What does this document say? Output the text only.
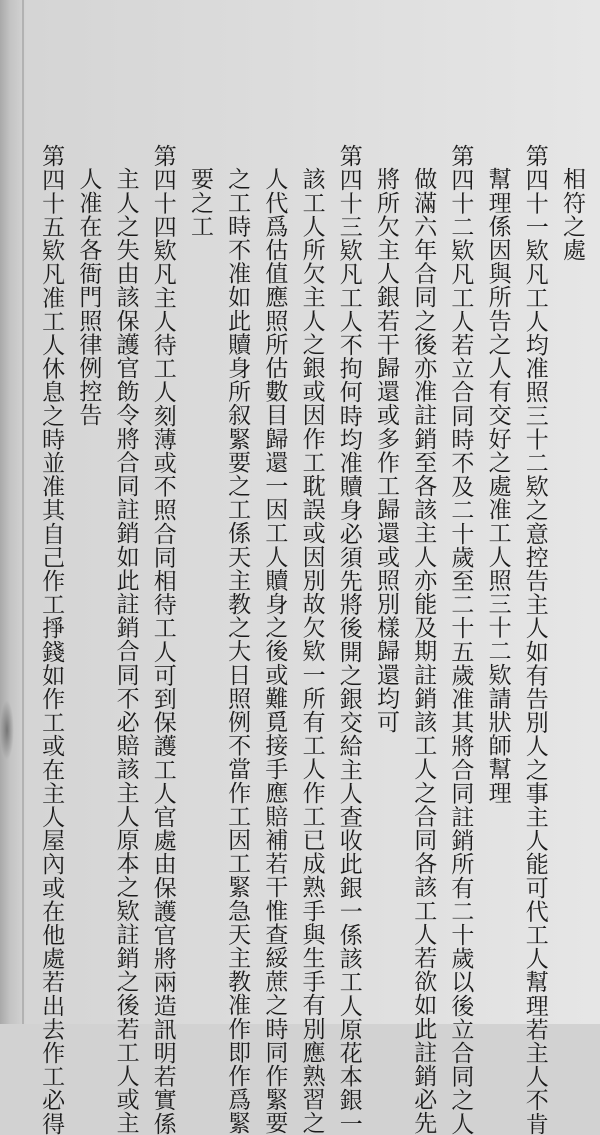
相符之處
第四十一欵凡工人均准照三十二欵之意控告主人如有告別人之事主人能可代工人幫理若主人不肯
幫理係因與所告之人有交好之處准工人照三十二欵請狀師幫理
第四十二欵凡工人若立合同時不及二十歲至二十五歲准其將合同註銷所有二十歲以後立合同之人
做滿六年合同之後亦准註銷至各該主人亦能及期註銷該工人之合同各該工人若欲如此註銷必先
將所欠主人銀若干歸還或多作工歸還或照別樣歸還均可
第四十三欵凡工人不拘何時均准贖身必須先將後開之銀交給主人查收此銀一係該工人原花本銀一
該工人所欠主人之銀或因作工耽誤或因別故欠欵一所有工人作工已成熟手與生手有別應熟習之
人代爲估值應照所估數目歸還一因工人贖身之後或難覓接手應賠補若干惟查綏蔗之時同作緊要
之工時不准如此贖身所叙緊要之工係天主教之大日照例不當作工因工緊急天主教准作即作爲緊
要之工
第四十四欵凡主人待工人刻薄或不照合同相待工人可到保護工人官處由保護官將兩造訊明若實係
主人之失由該保護官飭令將合同註銷如此註銷合同不必賠該主人原本之欵註銷之後若工人或主
人准在各衙門照律例控告
第四十五欵凡准工人休息之時並准其自己作工掙錢如作工或在主人屋內或在他處若出去作工必得
